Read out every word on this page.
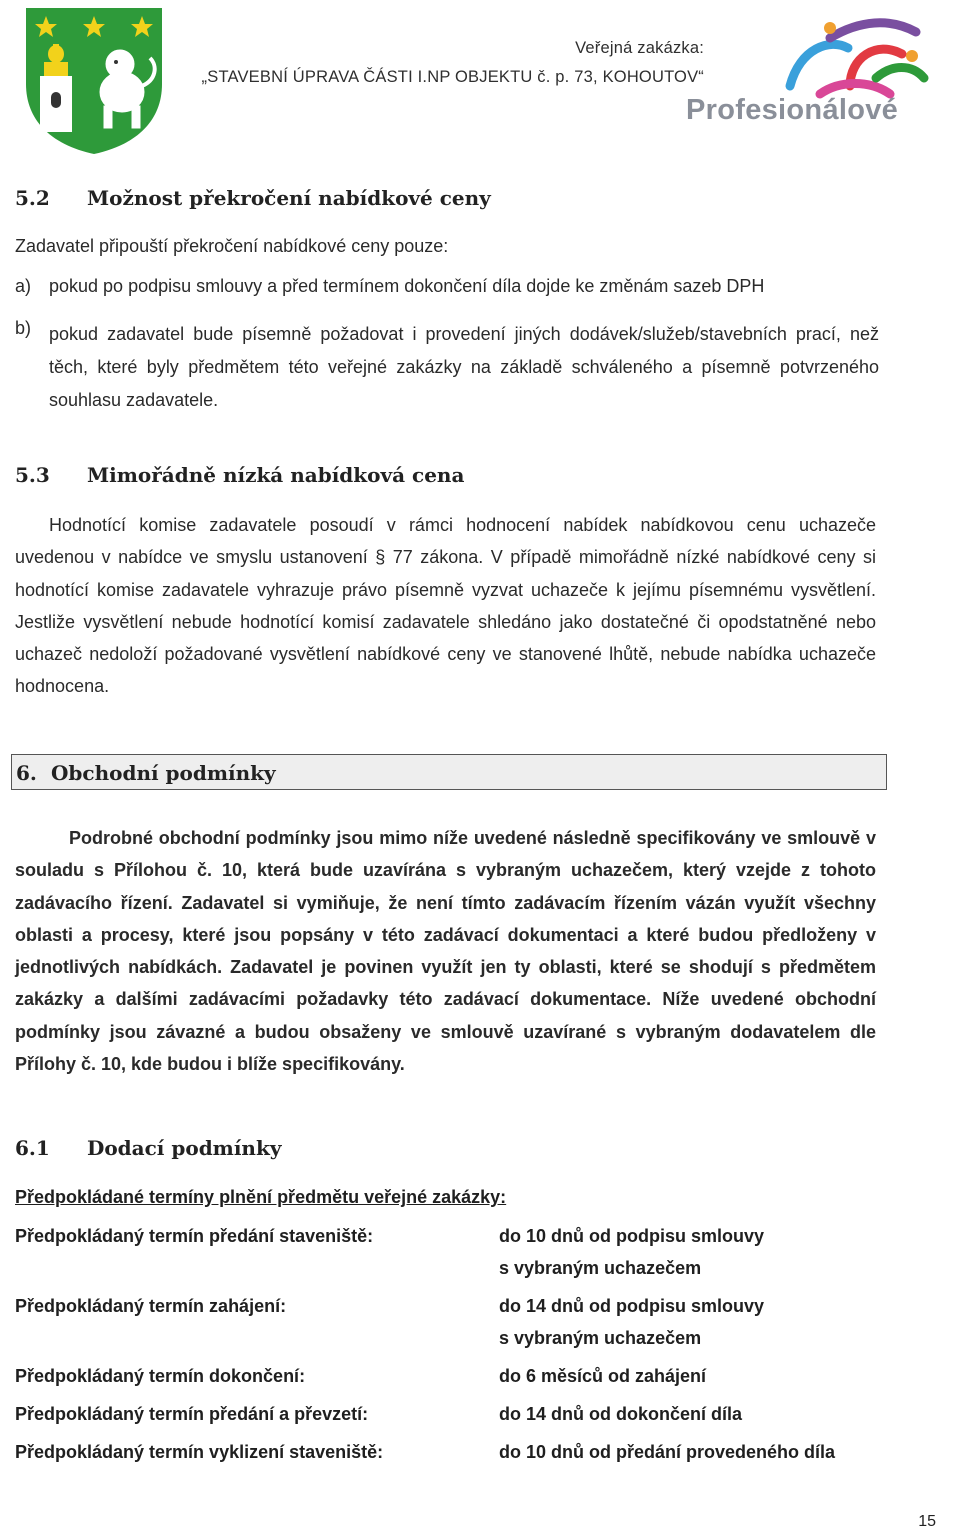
Veřejná zakázka:
„STAVEBNÍ ÚPRAVA ČÁSTI I.NP OBJEKTU č. p. 73, KOHOUTOV“
Profesionálové
5.2 Možnost překročení nabídkové ceny
Zadavatel připouští překročení nabídkové ceny pouze:
a) pokud po podpisu smlouvy a před termínem dokončení díla dojde ke změnám sazeb DPH
b) pokud zadavatel bude písemně požadovat i provedení jiných dodávek/služeb/stavebních prací, než těch, které byly předmětem této veřejné zakázky na základě schváleného a písemně potvrzeného souhlasu zadavatele.
5.3 Mimořádně nízká nabídková cena
Hodnotící komise zadavatele posoudí v rámci hodnocení nabídek nabídkovou cenu uchazeče uvedenou v nabídce ve smyslu ustanovení § 77 zákona. V případě mimořádně nízké nabídkové ceny si hodnotící komise zadavatele vyhrazuje právo písemně vyzvat uchazeče k jejímu písemnému vysvětlení. Jestliže vysvětlení nebude hodnotící komisí zadavatele shledáno jako dostatečné či opodstatněné nebo uchazeč nedoloží požadované vysvětlení nabídkové ceny ve stanovené lhůtě, nebude nabídka uchazeče hodnocena.
6. Obchodní podmínky
Podrobné obchodní podmínky jsou mimo níže uvedené následně specifikovány ve smlouvě v souladu s Přílohou č. 10, která bude uzavírána s vybraným uchazečem, který vzejde z tohoto zadávacího řízení. Zadavatel si vymiňuje, že není tímto zadávacím řízením vázán využít všechny oblasti a procesy, které jsou popsány v této zadávací dokumentaci a které budou předloženy v jednotlivých nabídkách. Zadavatel je povinen využít jen ty oblasti, které se shodují s předmětem zakázky a dalšími zadávacími požadavky této zadávací dokumentace. Níže uvedené obchodní podmínky jsou závazné a budou obsaženy ve smlouvě uzavírané s vybraným dodavatelem dle Přílohy č. 10, kde budou i blíže specifikovány.
6.1 Dodací podmínky
Předpokládané termíny plnění předmětu veřejné zakázky:
Předpokládaný termín předání staveniště:	do 10 dnů od podpisu smlouvy
s vybraným uchazečem
Předpokládaný termín zahájení:	do 14 dnů od podpisu smlouvy
s vybraným uchazečem
Předpokládaný termín dokončení:	do 6 měsíců od zahájení
Předpokládaný termín předání a převzetí:	do 14 dnů od dokončení díla
Předpokládaný termín vyklizení staveniště:	do 10 dnů od předání provedeného díla
15
